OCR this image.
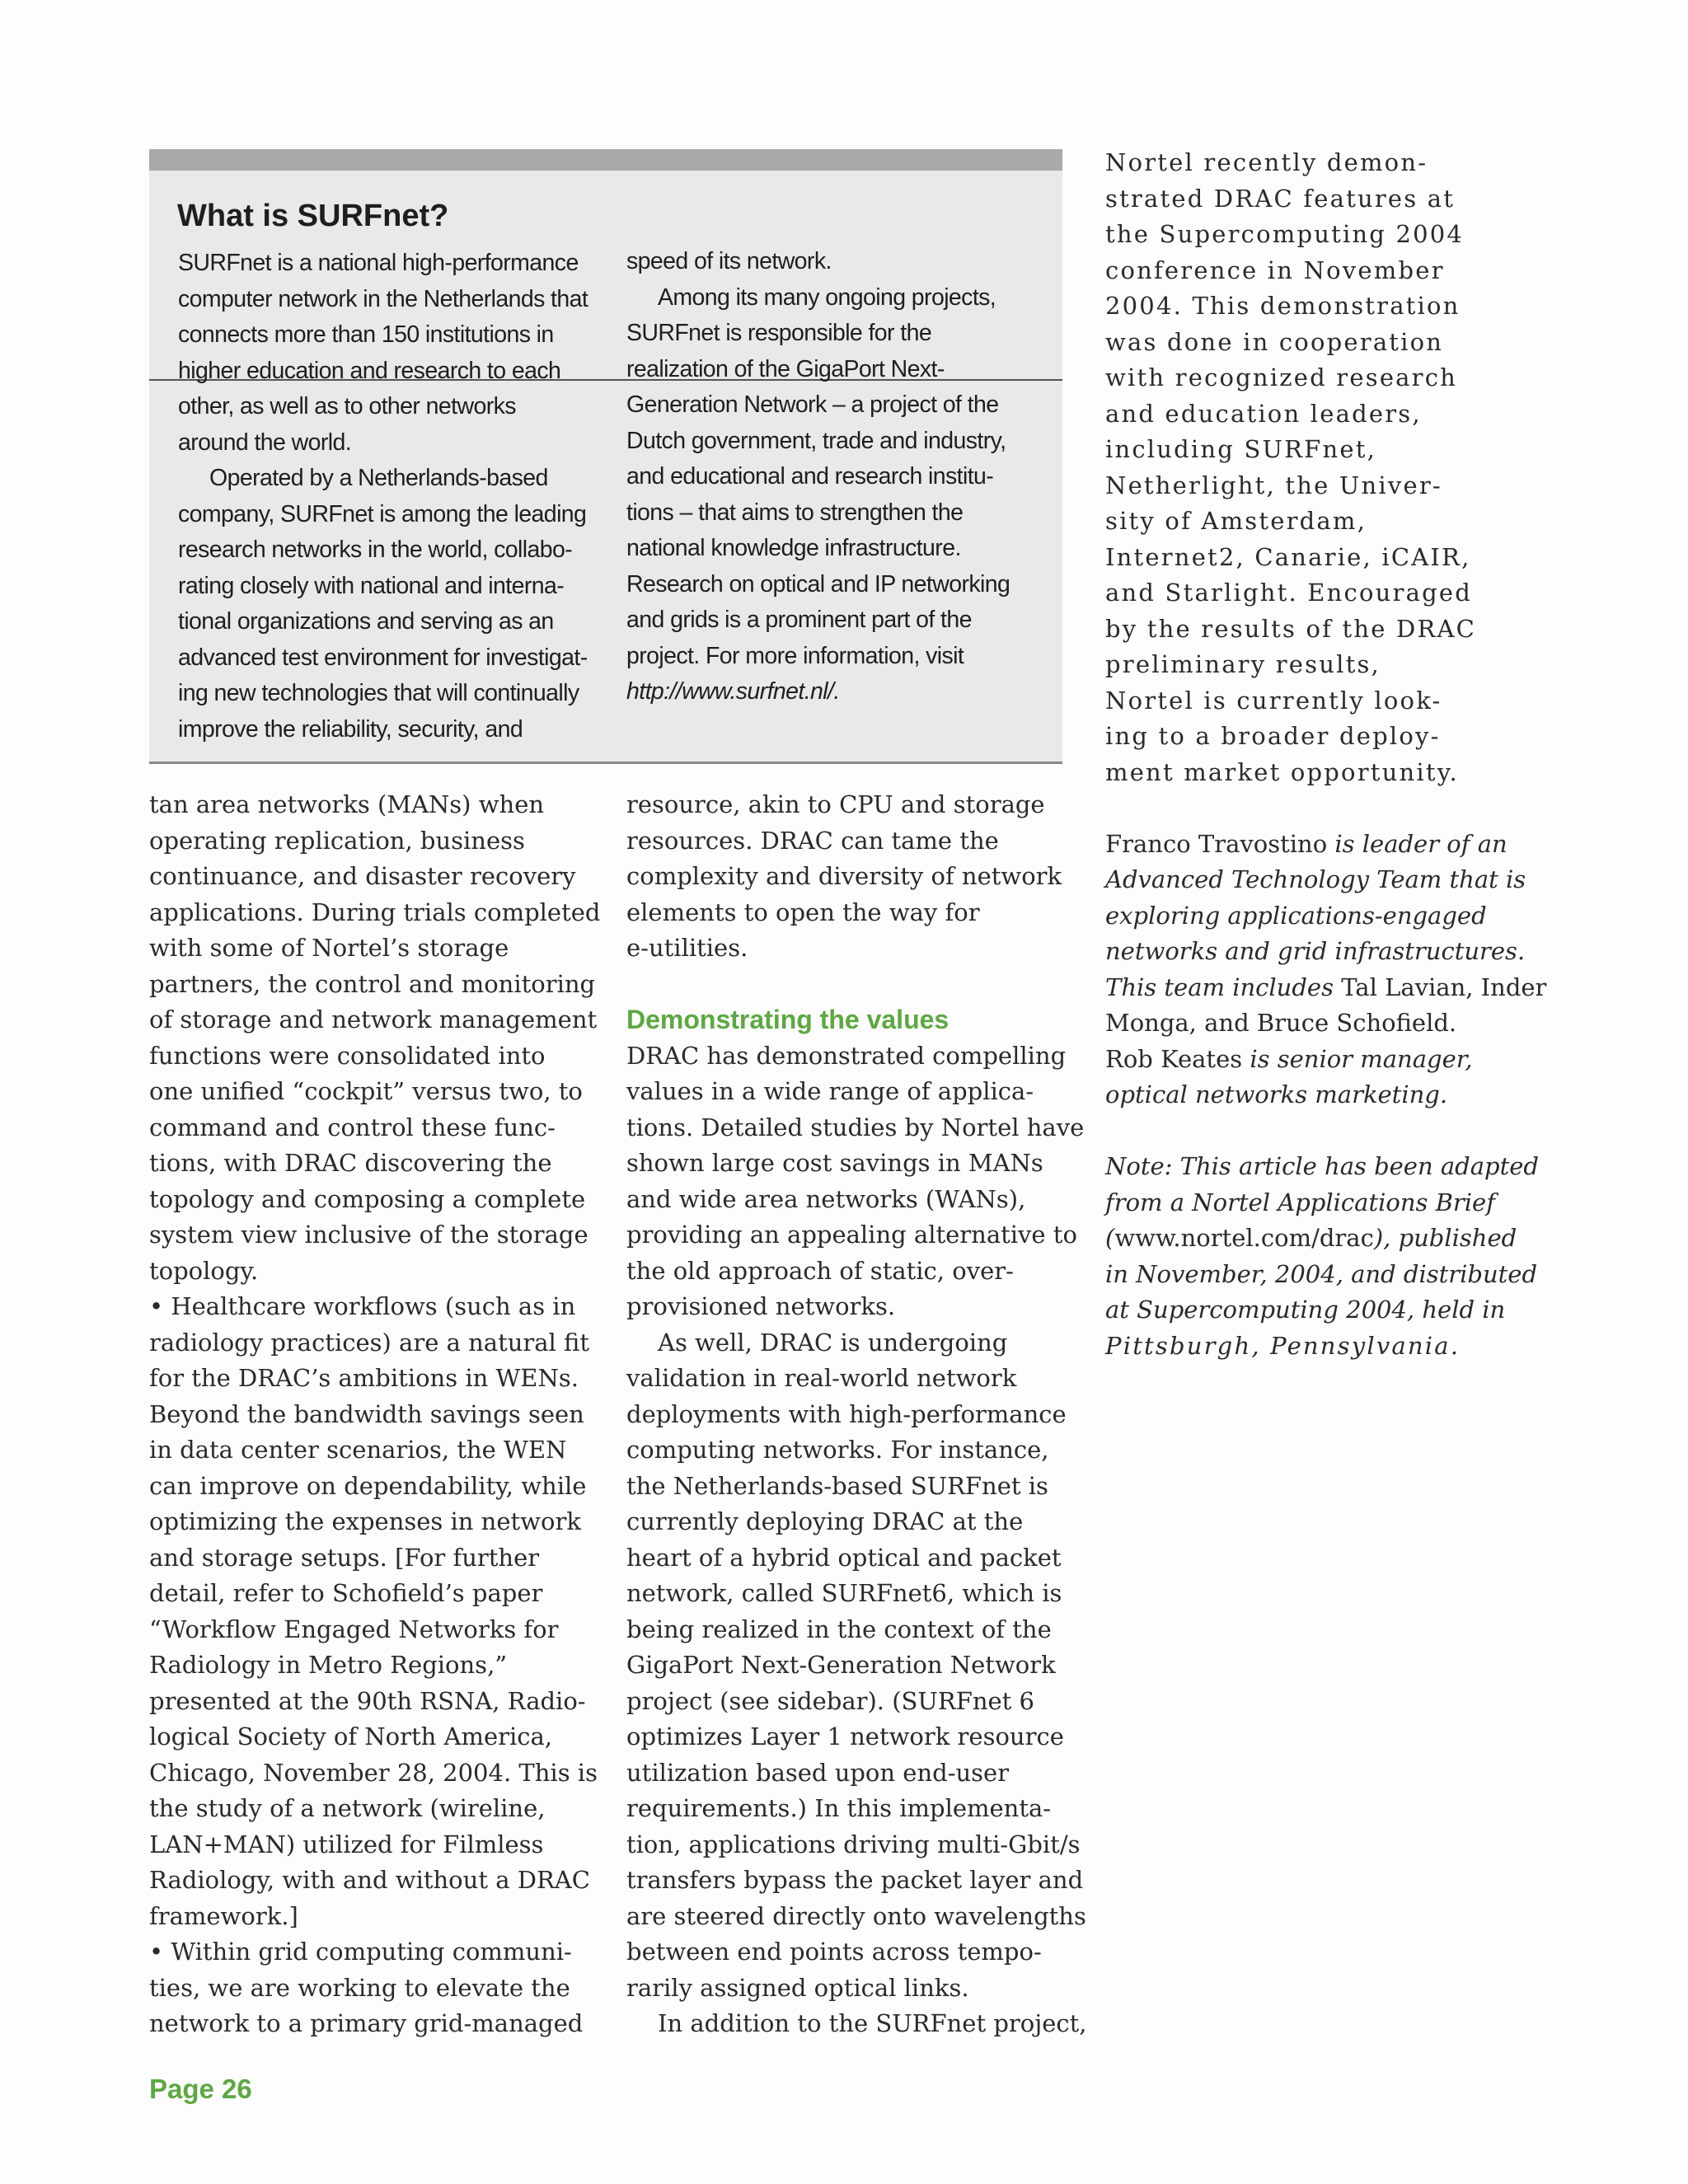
What is SURFnet?

SURFnet is a national high-performance

computer network in the Netherlands that

connects more than 150 institutions in

higher education and research to each

other, as well as to other networks

around the world.

Operated by a Netherlands-based

company, SURFnet is among the leading

research networks in the world, collabo-

rating closely with national and interna-

tional organizations and serving as an

advanced test environment for investigat-

ing new technologies that will continually

improve the reliability, security, and

speed of its network.

Among its many ongoing projects,

SURFnet is responsible for the

realization of the GigaPort Next-

Generation Network – a project of the

Dutch government, trade and industry,

and educational and research institu-

tions – that aims to strengthen the

national knowledge infrastructure.

Research on optical and IP networking

and grids is a prominent part of the

project. For more information, visit

http://www.surfnet.nl/.

tan area networks (MANs) when

operating replication, business

continuance, and disaster recovery

applications. During trials completed

with some of Nortel’s storage

partners, the control and monitoring

of storage and network management

functions were consolidated into

one unified “cockpit” versus two, to

command and control these func-

tions, with DRAC discovering the

topology and composing a complete

system view inclusive of the storage

topology.

• Healthcare workflows (such as in

radiology practices) are a natural fit

for the DRAC’s ambitions in WENs.

Beyond the bandwidth savings seen

in data center scenarios, the WEN

can improve on dependability, while

optimizing the expenses in network

and storage setups. [For further

detail, refer to Schofield’s paper

“Workflow Engaged Networks for

Radiology in Metro Regions,”

presented at the 90th RSNA, Radio-

logical Society of North America,

Chicago, November 28, 2004. This is

the study of a network (wireline,

LAN+MAN) utilized for Filmless

Radiology, with and without a DRAC

framework.]

• Within grid computing communi-

ties, we are working to elevate the

network to a primary grid-managed

resource, akin to CPU and storage

resources. DRAC can tame the

complexity and diversity of network

elements to open the way for

e-utilities.

Demonstrating the values

DRAC has demonstrated compelling

values in a wide range of applica-

tions. Detailed studies by Nortel have

shown large cost savings in MANs

and wide area networks (WANs),

providing an appealing alternative to

the old approach of static, over-

provisioned networks.

As well, DRAC is undergoing

validation in real-world network

deployments with high-performance

computing networks. For instance,

the Netherlands-based SURFnet is

currently deploying DRAC at the

heart of a hybrid optical and packet

network, called SURFnet6, which is

being realized in the context of the

GigaPort Next-Generation Network

project (see sidebar). (SURFnet 6

optimizes Layer 1 network resource

utilization based upon end-user

requirements.) In this implementa-

tion, applications driving multi-Gbit/s

transfers bypass the packet layer and

are steered directly onto wavelengths

between end points across tempo-

rarily assigned optical links.

In addition to the SURFnet project,

Nortel recently demon-

strated DRAC features at

the Supercomputing 2004

conference in November

2004. This demonstration

was done in cooperation

with recognized research

and education leaders,

including SURFnet,

Netherlight, the Univer-

sity of Amsterdam,

Internet2, Canarie, iCAIR,

and Starlight. Encouraged

by the results of the DRAC

preliminary results,

Nortel is currently look-

ing to a broader deploy-

ment market opportunity.

Franco Travostino is leader of an

Advanced Technology Team that is

exploring applications-engaged

networks and grid infrastructures.

This team includes Tal Lavian, Inder

Monga, and Bruce Schofield.

Rob Keates is senior manager,

optical networks marketing.

Note: This article has been adapted

from a Nortel Applications Brief

(www.nortel.com/drac), published

in November, 2004, and distributed

at Supercomputing 2004, held in

Pittsburgh, Pennsylvania.

Page 26
